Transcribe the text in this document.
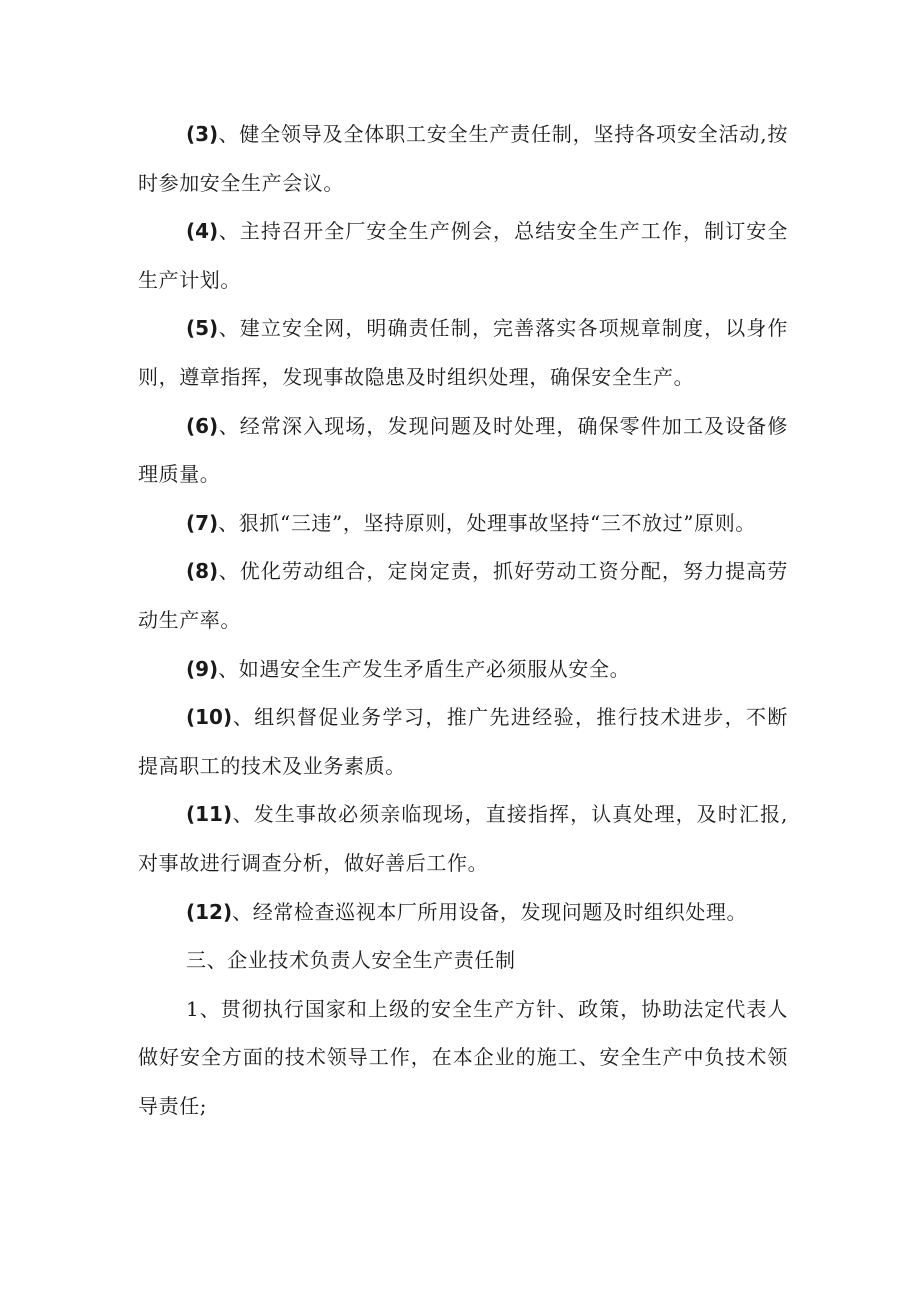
(3)、健全领导及全体职工安全生产责任制，坚持各项安全活动,按时参加安全生产会议。

(4)、主持召开全厂安全生产例会，总结安全生产工作，制订安全生产计划。

(5)、建立安全网，明确责任制，完善落实各项规章制度，以身作则，遵章指挥，发现事故隐患及时组织处理，确保安全生产。

(6)、经常深入现场，发现问题及时处理，确保零件加工及设备修理质量。

(7)、狠抓“三违”，坚持原则，处理事故坚持“三不放过”原则。

(8)、优化劳动组合，定岗定责，抓好劳动工资分配，努力提高劳动生产率。

(9)、如遇安全生产发生矛盾生产必须服从安全。

(10)、组织督促业务学习，推广先进经验，推行技术进步，不断提高职工的技术及业务素质。

(11)、发生事故必须亲临现场，直接指挥，认真处理，及时汇报,对事故进行调查分析，做好善后工作。

(12)、经常检查巡视本厂所用设备，发现问题及时组织处理。

三、企业技术负责人安全生产责任制

1、贯彻执行国家和上级的安全生产方针、政策，协助法定代表人做好安全方面的技术领导工作，在本企业的施工、安全生产中负技术领导责任;
